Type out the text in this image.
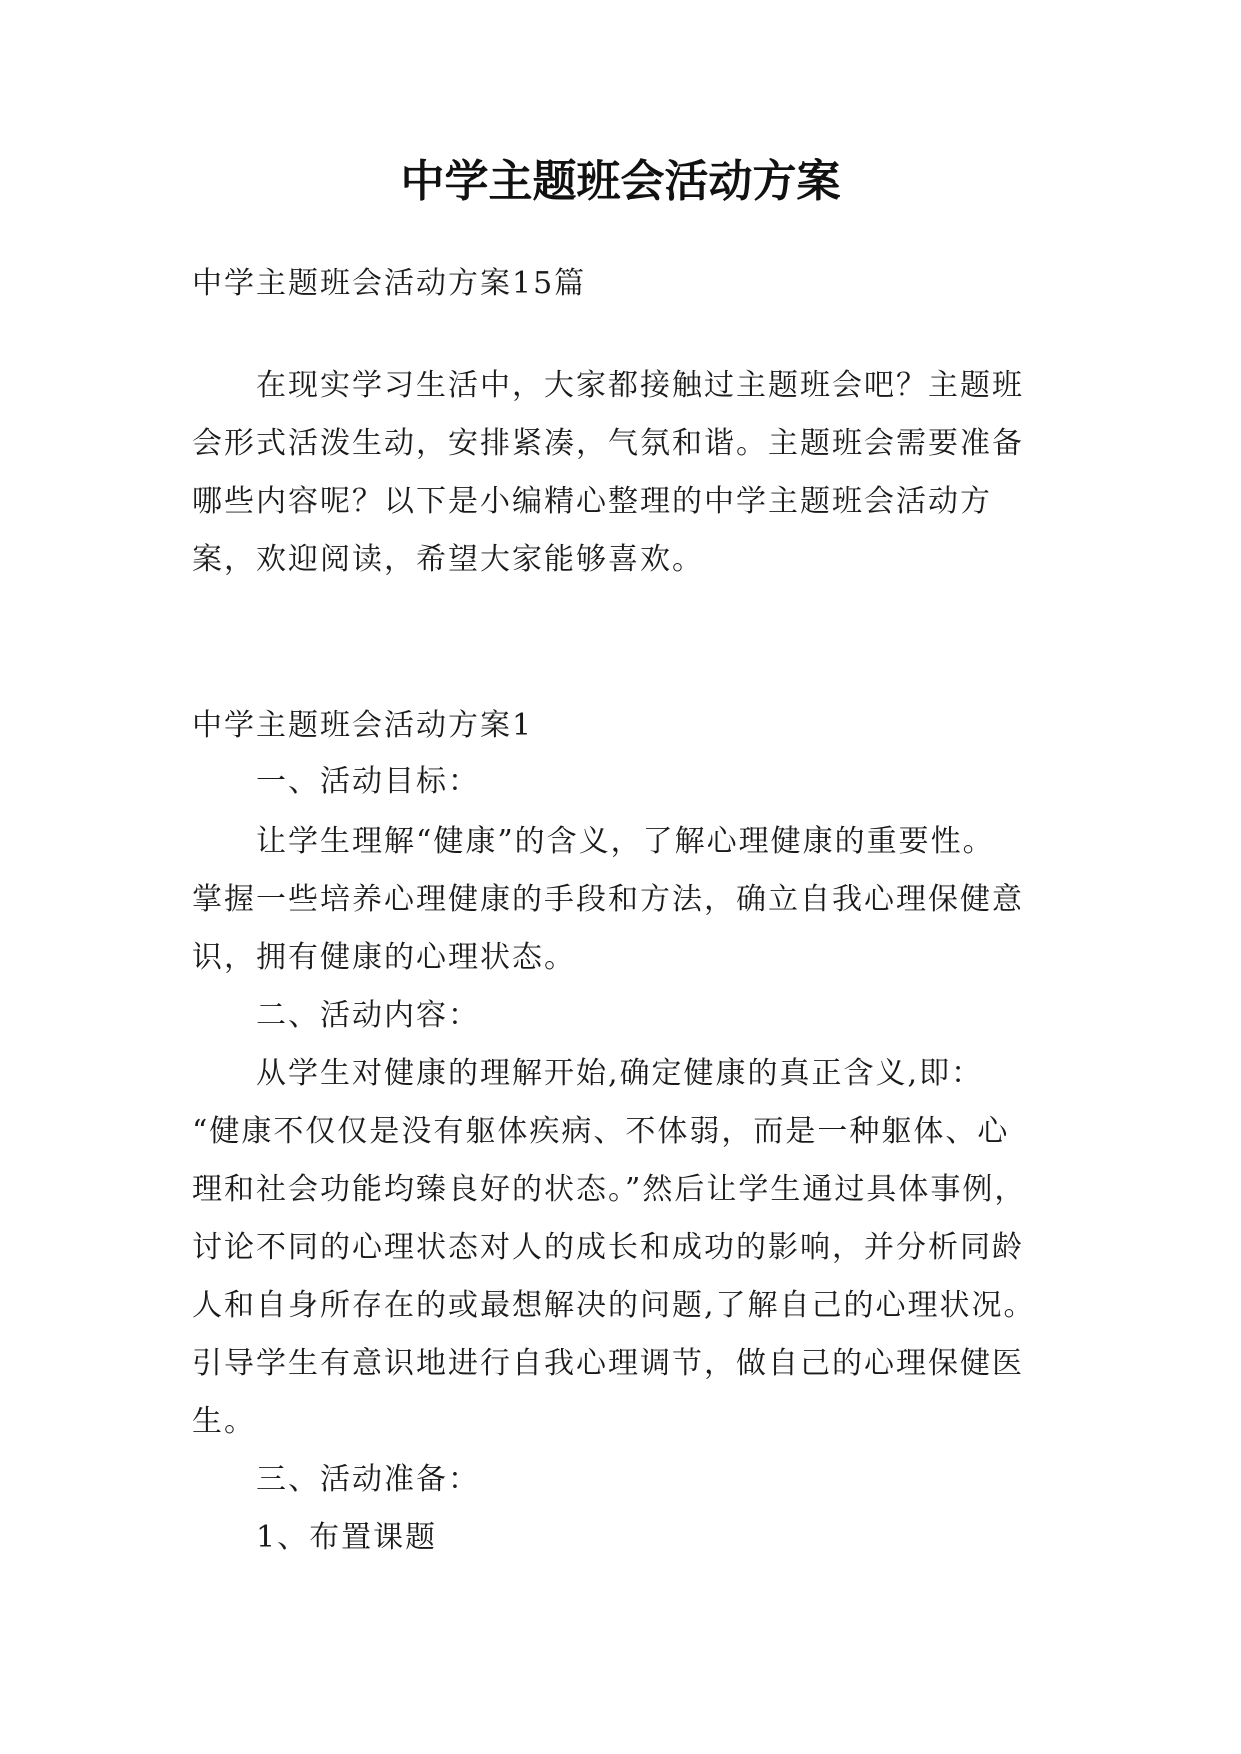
中学主题班会活动方案

中学主题班会活动方案15篇

在现实学习生活中，大家都接触过主题班会吧？主题班

会形式活泼生动，安排紧凑，气氛和谐。主题班会需要准备

哪些内容呢？以下是小编精心整理的中学主题班会活动方

案，欢迎阅读，希望大家能够喜欢。

中学主题班会活动方案1

一、活动目标：

让学生理解“健康”的含义，了解心理健康的重要性。

掌握一些培养心理健康的手段和方法，确立自我心理保健意

识，拥有健康的心理状态。

二、活动内容：

从学生对健康的理解开始,确定健康的真正含义,即：

“健康不仅仅是没有躯体疾病、不体弱，而是一种躯体、心

理和社会功能均臻良好的状态。”然后让学生通过具体事例，

讨论不同的心理状态对人的成长和成功的影响，并分析同龄

人和自身所存在的或最想解决的问题,了解自己的心理状况。

引导学生有意识地进行自我心理调节，做自己的心理保健医

生。

三、活动准备：

1、布置课题
